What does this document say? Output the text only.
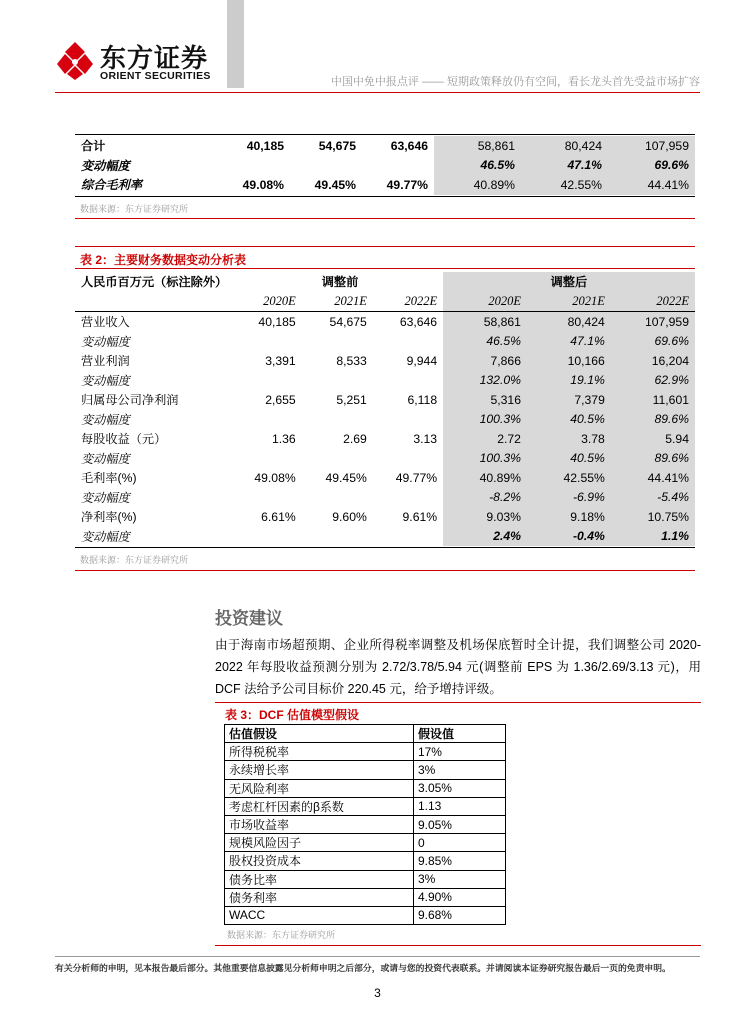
东方证券
ORIENT SECURITIES	中国中免中报点评 —— 短期政策释放仍有空间，看长龙头首先受益市场扩容
合计	40,185	54,675	63,646	58,861	80,424	107,959
变动幅度				46.5%	47.1%	69.6%
综合毛利率	49.08%	49.45%	49.77%	40.89%	42.55%	44.41%
数据来源：东方证券研究所
表 2：主要财务数据变动分析表
人民币百万元（标注除外）		调整前			调整后	
	2020E	2021E	2022E	2020E	2021E	2022E
营业收入	40,185	54,675	63,646	58,861	80,424	107,959
变动幅度				46.5%	47.1%	69.6%
营业利润	3,391	8,533	9,944	7,866	10,166	16,204
变动幅度				132.0%	19.1%	62.9%
归属母公司净利润	2,655	5,251	6,118	5,316	7,379	11,601
变动幅度				100.3%	40.5%	89.6%
每股收益（元）	1.36	2.69	3.13	2.72	3.78	5.94
变动幅度				100.3%	40.5%	89.6%
毛利率(%)	49.08%	49.45%	49.77%	40.89%	42.55%	44.41%
变动幅度				-8.2%	-6.9%	-5.4%
净利率(%)	6.61%	9.60%	9.61%	9.03%	9.18%	10.75%
变动幅度				2.4%	-0.4%	1.1%
数据来源：东方证券研究所
投资建议
由于海南市场超预期、企业所得税率调整及机场保底暂时全计提，我们调整公司 2020-2022 年每股收益预测分别为 2.72/3.78/5.94 元(调整前 EPS 为 1.36/2.69/3.13 元)，用 DCF 法给予公司目标价 220.45 元，给予增持评级。
表 3：DCF 估值模型假设
估值假设	假设值
所得税税率	17%
永续增长率	3%
无风险利率	3.05%
考虑杠杆因素的β系数	1.13
市场收益率	9.05%
规模风险因子	0
股权投资成本	9.85%
债务比率	3%
债务利率	4.90%
WACC	9.68%
数据来源：东方证券研究所
有关分析师的申明，见本报告最后部分。其他重要信息披露见分析师申明之后部分，或请与您的投资代表联系。并请阅读本证券研究报告最后一页的免责申明。
3
